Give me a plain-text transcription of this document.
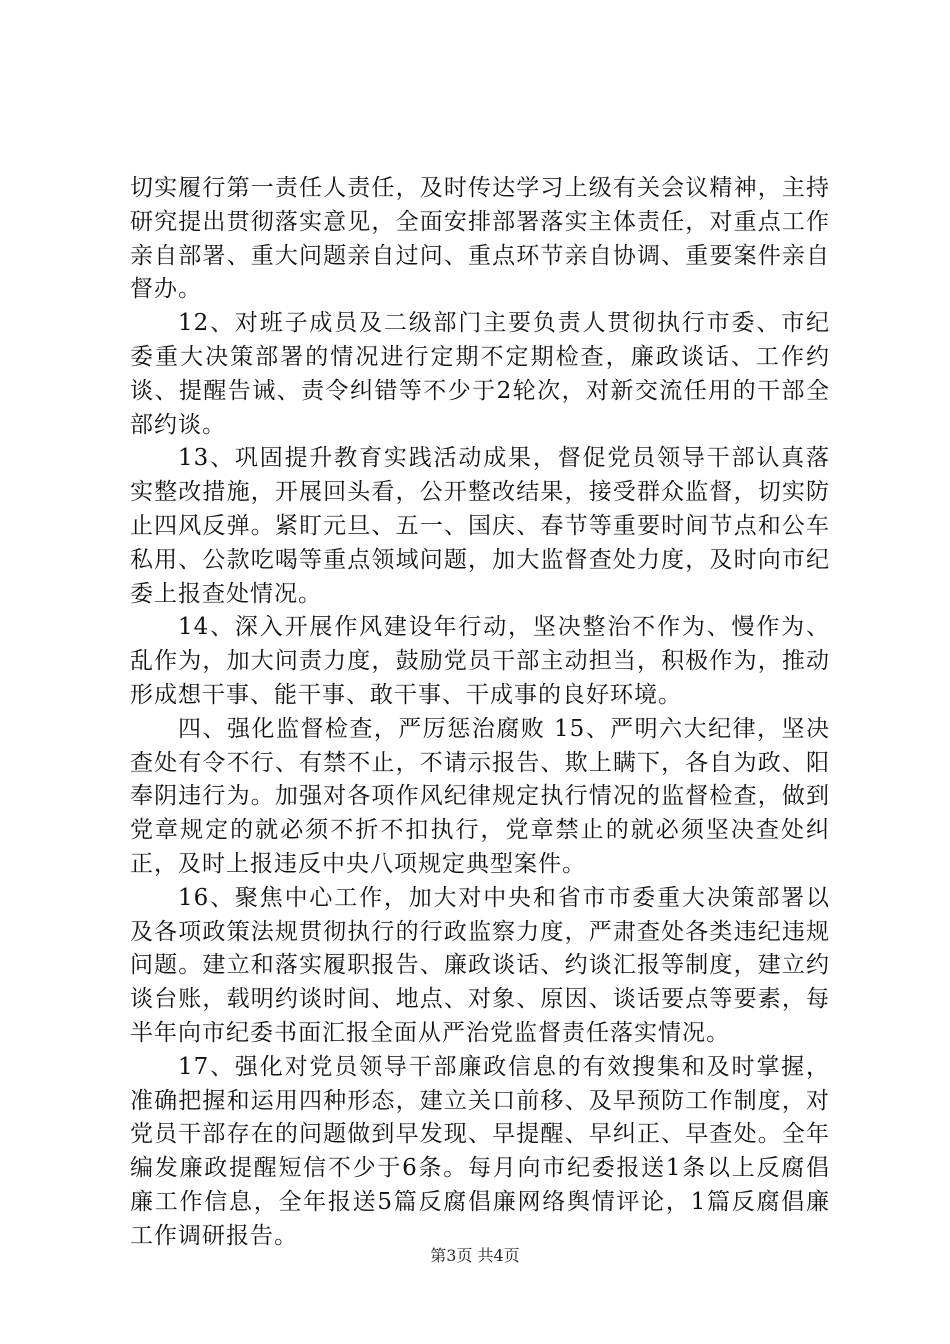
切实履行第一责任人责任，及时传达学习上级有关会议精神，主持研究提出贯彻落实意见，全面安排部署落实主体责任，对重点工作亲自部署、重大问题亲自过问、重点环节亲自协调、重要案件亲自督办。

12、对班子成员及二级部门主要负责人贯彻执行市委、市纪委重大决策部署的情况进行定期不定期检查，廉政谈话、工作约谈、提醒告诫、责令纠错等不少于2轮次，对新交流任用的干部全部约谈。

13、巩固提升教育实践活动成果，督促党员领导干部认真落实整改措施，开展回头看，公开整改结果，接受群众监督，切实防止四风反弹。紧盯元旦、五一、国庆、春节等重要时间节点和公车私用、公款吃喝等重点领域问题，加大监督查处力度，及时向市纪委上报查处情况。

14、深入开展作风建设年行动，坚决整治不作为、慢作为、乱作为，加大问责力度，鼓励党员干部主动担当，积极作为，推动形成想干事、能干事、敢干事、干成事的良好环境。

四、强化监督检查，严厉惩治腐败 15、严明六大纪律，坚决查处有令不行、有禁不止，不请示报告、欺上瞒下，各自为政、阳奉阴违行为。加强对各项作风纪律规定执行情况的监督检查，做到党章规定的就必须不折不扣执行，党章禁止的就必须坚决查处纠正，及时上报违反中央八项规定典型案件。

16、聚焦中心工作，加大对中央和省市市委重大决策部署以及各项政策法规贯彻执行的行政监察力度，严肃查处各类违纪违规问题。建立和落实履职报告、廉政谈话、约谈汇报等制度，建立约谈台账，载明约谈时间、地点、对象、原因、谈话要点等要素，每半年向市纪委书面汇报全面从严治党监督责任落实情况。

17、强化对党员领导干部廉政信息的有效搜集和及时掌握，准确把握和运用四种形态，建立关口前移、及早预防工作制度，对党员干部存在的问题做到早发现、早提醒、早纠正、早查处。全年编发廉政提醒短信不少于6条。每月向市纪委报送1条以上反腐倡廉工作信息，全年报送5篇反腐倡廉网络舆情评论，1篇反腐倡廉工作调研报告。

第3页 共4页
